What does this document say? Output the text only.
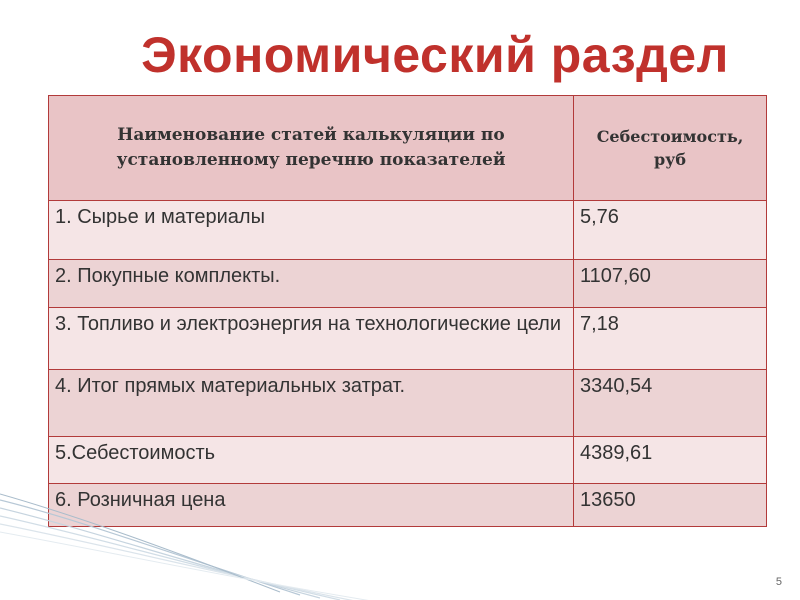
Экономический раздел
Наименование статей калькуляции по установленному перечню показателей	Себестоимость, руб
1. Сырье и материалы	5,76
2. Покупные комплекты.	1107,60
3. Топливо и электроэнергия на технологические цели	7,18
4. Итог прямых материальных затрат.	3340,54
5.Себестоимость	4389,61
6. Розничная цена	13650
5
